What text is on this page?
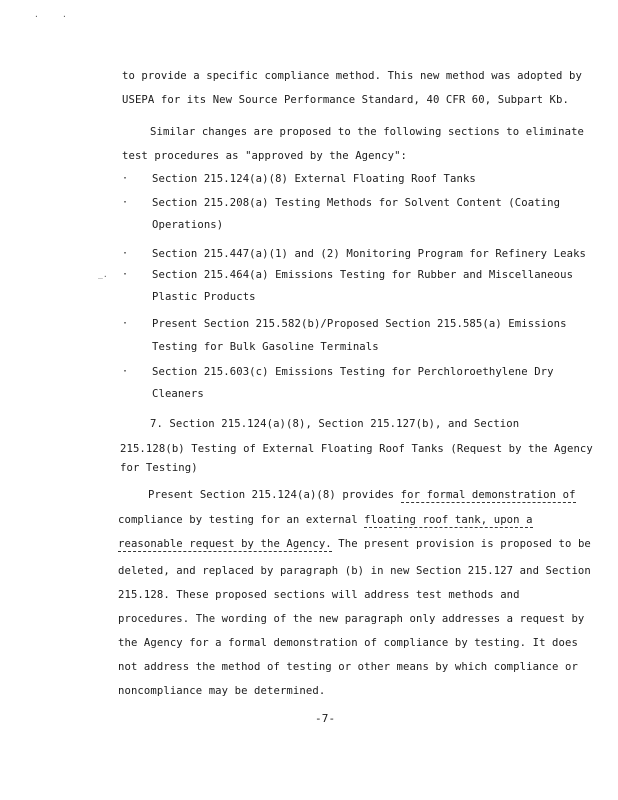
·	·
_.
to provide a specific compliance method. This new method was adopted by
USEPA for its New Source Performance Standard, 40 CFR 60, Subpart Kb.
Similar changes are proposed to the following sections to eliminate
test procedures as "approved by the Agency":
· Section 215.124(a)(8) External Floating Roof Tanks
· Section 215.208(a) Testing Methods for Solvent Content (Coating
Operations)
· Section 215.447(a)(1) and (2) Monitoring Program for Refinery Leaks
· Section 215.464(a) Emissions Testing for Rubber and Miscellaneous
Plastic Products
· Present Section 215.582(b)/Proposed Section 215.585(a) Emissions
Testing for Bulk Gasoline Terminals
· Section 215.603(c) Emissions Testing for Perchloroethylene Dry
Cleaners
7. Section 215.124(a)(8), Section 215.127(b), and Section
215.128(b) Testing of External Floating Roof Tanks (Request by the Agency
for Testing)
Present Section 215.124(a)(8) provides for formal demonstration of
compliance by testing for an external floating roof tank, upon a
reasonable request by the Agency. The present provision is proposed to be
deleted, and replaced by paragraph (b) in new Section 215.127 and Section
215.128. These proposed sections will address test methods and
procedures. The wording of the new paragraph only addresses a request by
the Agency for a formal demonstration of compliance by testing. It does
not address the method of testing or other means by which compliance or
noncompliance may be determined.
-7-
